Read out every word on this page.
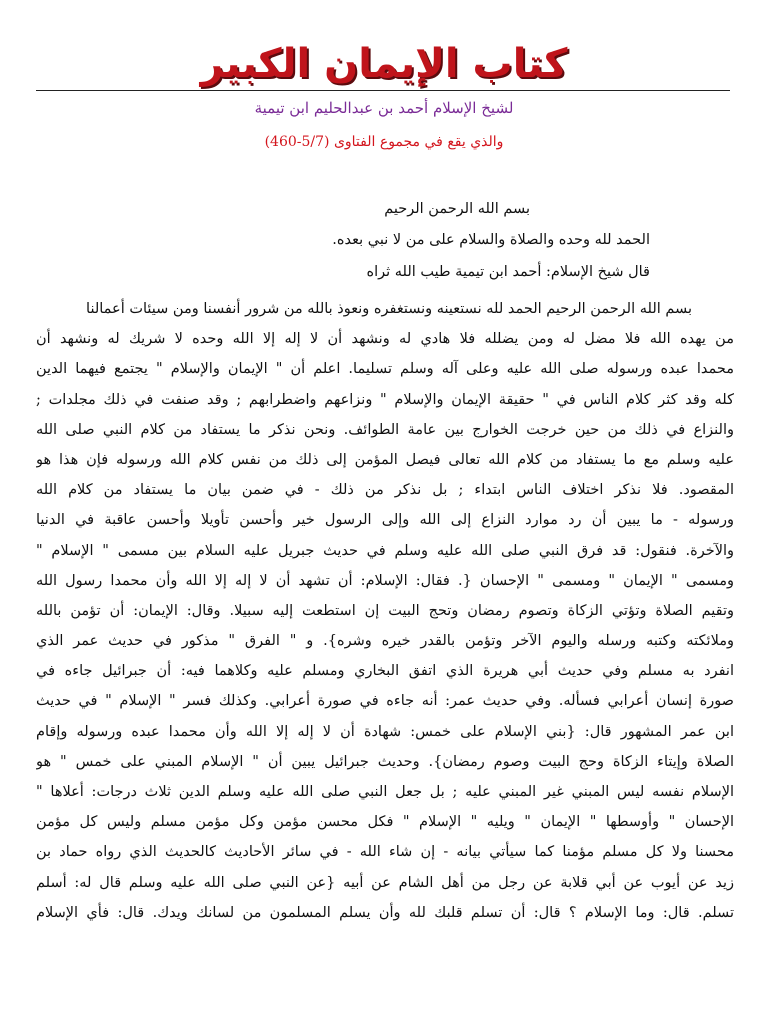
كتاب الإيمان الكبير
لشيخ الإسلام أحمد بن عبدالحليم ابن تيمية
والذي يقع في مجموع الفتاوى (5/7-460)
بسم الله الرحمن الرحيم
الحمد لله وحده والصلاة والسلام على من لا نبي بعده.
قال شيخ الإسلام: أحمد ابن تيمية طيب الله ثراه
بسم الله الرحمن الرحيم الحمد لله نستعينه ونستغفره ونعوذ بالله من شرور أنفسنا ومن سيئات أعمالنا
من يهده الله فلا مضل له ومن يضلله فلا هادي له ونشهد أن لا إله إلا الله وحده لا شريك له ونشهد أن
محمدا عبده ورسوله صلى الله عليه وعلى آله وسلم تسليما. اعلم أن " الإيمان والإسلام " يجتمع فيهما الدين
كله وقد كثر كلام الناس في " حقيقة الإيمان والإسلام " ونزاعهم واضطرابهم ; وقد صنفت في ذلك مجلدات ;
والنزاع في ذلك من حين خرجت الخوارج بين عامة الطوائف. ونحن نذكر ما يستفاد من كلام النبي صلى الله
عليه وسلم مع ما يستفاد من كلام الله تعالى فيصل المؤمن إلى ذلك من نفس كلام الله ورسوله فإن هذا هو
المقصود. فلا نذكر اختلاف الناس ابتداء ; بل نذكر من ذلك - في ضمن بيان ما يستفاد من كلام الله
ورسوله - ما يبين أن رد موارد النزاع إلى الله وإلى الرسول خير وأحسن تأويلا وأحسن عاقبة في الدنيا
والآخرة. فنقول: قد فرق النبي صلى الله عليه وسلم في حديث جبريل عليه السلام بين مسمى " الإسلام "
ومسمى " الإيمان " ومسمى " الإحسان {. فقال: الإسلام: أن تشهد أن لا إله إلا الله وأن محمدا رسول الله
وتقيم الصلاة وتؤتي الزكاة وتصوم رمضان وتحج البيت إن استطعت إليه سبيلا. وقال: الإيمان: أن تؤمن بالله
وملائكته وكتبه ورسله واليوم الآخر وتؤمن بالقدر خيره وشره}. و " الفرق " مذكور في حديث عمر الذي
انفرد به مسلم وفي حديث أبي هريرة الذي اتفق البخاري ومسلم عليه وكلاهما فيه: أن جبرائيل جاءه في
صورة إنسان أعرابي فسأله. وفي حديث عمر: أنه جاءه في صورة أعرابي. وكذلك فسر " الإسلام " في حديث
ابن عمر المشهور قال: {بني الإسلام على خمس: شهادة أن لا إله إلا الله وأن محمدا عبده ورسوله وإقام
الصلاة وإيتاء الزكاة وحج البيت وصوم رمضان}. وحديث جبرائيل يبين أن " الإسلام المبني على خمس " هو
الإسلام نفسه ليس المبني غير المبني عليه ; بل جعل النبي صلى الله عليه وسلم الدين ثلاث درجات: أعلاها "
الإحسان " وأوسطها " الإيمان " ويليه " الإسلام " فكل محسن مؤمن وكل مؤمن مسلم وليس كل مؤمن
محسنا ولا كل مسلم مؤمنا كما سيأتي بيانه - إن شاء الله - في سائر الأحاديث كالحديث الذي رواه حماد بن
زيد عن أيوب عن أبي قلابة عن رجل من أهل الشام عن أبيه {عن النبي صلى الله عليه وسلم قال له: أسلم
تسلم. قال: وما الإسلام ؟ قال: أن تسلم قلبك لله وأن يسلم المسلمون من لسانك ويدك. قال: فأي الإسلام
